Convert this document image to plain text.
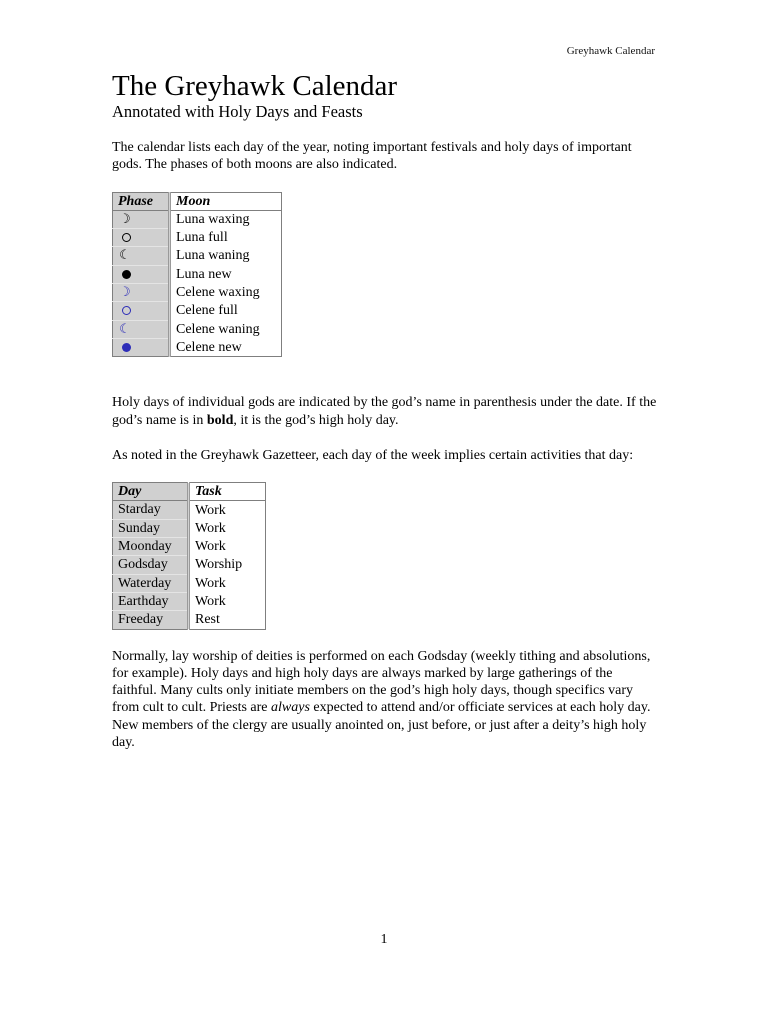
Greyhawk Calendar
The Greyhawk Calendar
Annotated with Holy Days and Feasts

The calendar lists each day of the year, noting important festivals and holy days of important gods. The phases of both moons are also indicated.

Phase	Moon
☽	Luna waxing
	Luna full
☾	Luna waning
	Luna new
☽	Celene waxing
	Celene full
☾	Celene waning
	Celene new

Holy days of individual gods are indicated by the god’s name in parenthesis under the date. If the god’s name is in bold, it is the god’s high holy day.

As noted in the Greyhawk Gazetteer, each day of the week implies certain activities that day:

Day	Task
Starday	Work
Sunday	Work
Moonday	Work
Godsday	Worship
Waterday	Work
Earthday	Work
Freeday	Rest

Normally, lay worship of deities is performed on each Godsday (weekly tithing and absolutions, for example). Holy days and high holy days are always marked by large gatherings of the faithful. Many cults only initiate members on the god’s high holy days, though specifics vary from cult to cult. Priests are always expected to attend and/or officiate services at each holy day. New members of the clergy are usually anointed on, just before, or just after a deity’s high holy day.

1
